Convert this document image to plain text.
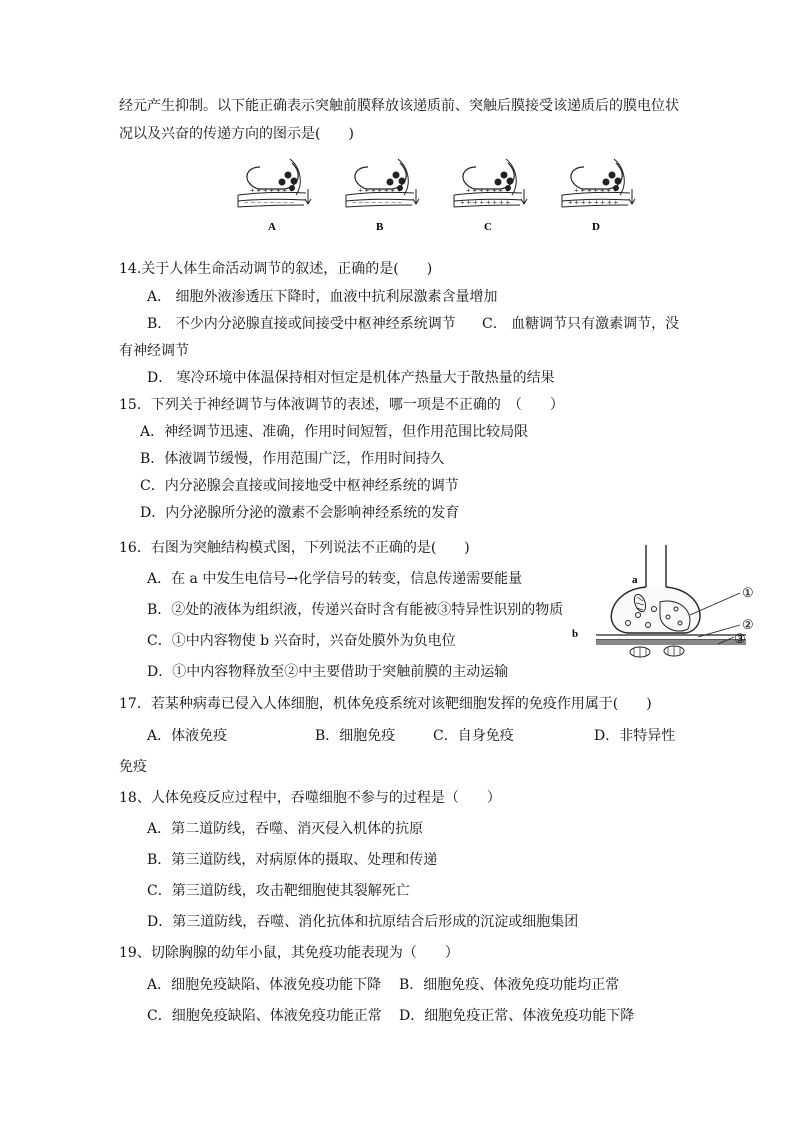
经元产生抑制。以下能正确表示突触前膜释放该递质前、突触后膜接受该递质后的膜电位状
况以及兴奋的传递方向的图示是(　　)
+ + + + + + +
− − − − − − − −
+ + + + + + +
− − − − − − − −
+ + + + + + +
+ + + + + + + +
+ + + + + + +
+ + + + + + + +
A	B	C	D
14.关于人体生命活动调节的叙述，正确的是(　　)
A． 细胞外液渗透压下降时，血液中抗利尿激素含量增加
B． 不少内分泌腺直接或间接受中枢神经系统调节 C． 血糖调节只有激素调节，没
有神经调节
D． 寒冷环境中体温保持相对恒定是机体产热量大于散热量的结果
15．下列关于神经调节与体液调节的表述，哪一项是不正确的　（　　）
A．神经调节迅速、准确，作用时间短暂，但作用范围比较局限
B．体液调节缓慢，作用范围广泛，作用时间持久
C．内分泌腺会直接或间接地受中枢神经系统的调节
D．内分泌腺所分泌的激素不会影响神经系统的发育
16．右图为突触结构模式图，下列说法不正确的是(　　)
A．在 a 中发生电信号→化学信号的转变，信息传递需要能量
B．②处的液体为组织液，传递兴奋时含有能被③特异性识别的物质
C．①中内容物使 b 兴奋时，兴奋处膜外为负电位
D．①中内容物释放至②中主要借助于突触前膜的主动运输
a
b
①
②
③
17．若某种病毒已侵入人体细胞，机体免疫系统对该靶细胞发挥的免疫作用属于(　　)
A．体液免疫	B．细胞免疫	C．自身免疫	D．非特异性
免疫
18、人体免疫反应过程中，吞噬细胞不参与的过程是（　　）
A．第二道防线，吞噬、消灭侵入机体的抗原
B．第三道防线，对病原体的摄取、处理和传递
C．第三道防线，攻击靶细胞使其裂解死亡
D．第三道防线，吞噬、消化抗体和抗原结合后形成的沉淀或细胞集团
19、切除胸腺的幼年小鼠，其免疫功能表现为（　　）
A．细胞免疫缺陷、体液免疫功能下降 B．细胞免疫、体液免疫功能均正常
C．细胞免疫缺陷、体液免疫功能正常 D．细胞免疫正常、体液免疫功能下降
